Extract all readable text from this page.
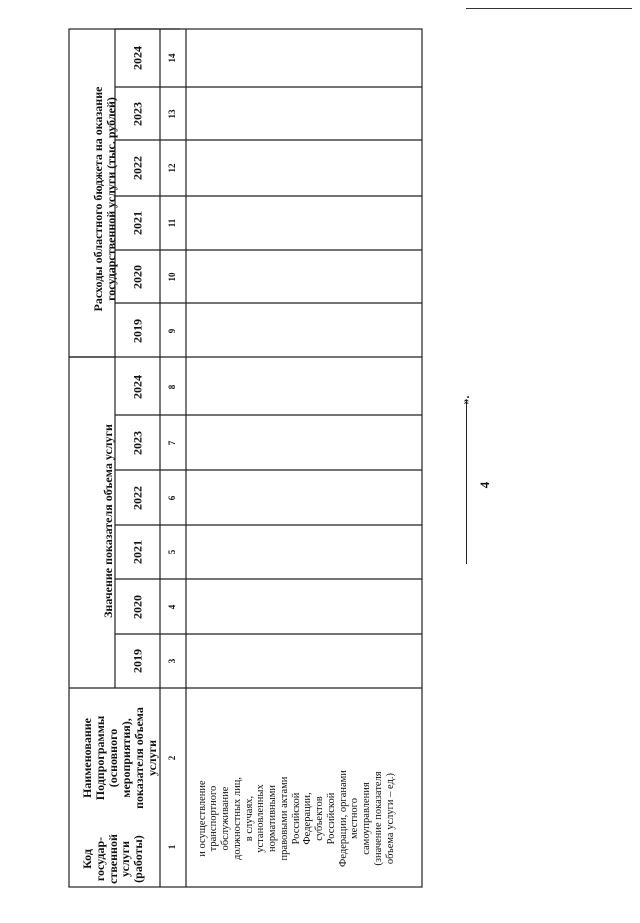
4
».
Код
государ-
ственной
услуги
(работы)
Наименование
Подпрограммы
(основного
мероприятия),
показателя объема
услуги
Значение показателя объема услуги
Расходы областного бюджета на оказание
государственной услуги (тыс. рублей)
2019
2020
2021
2022
2023
2024
2019
2020
2021
2022
2023
2024
1
2
3
4
5
6
7
8
9
10
11
12
13
14
и осуществление
транспортного
обслуживание
должностных лиц,
в случаях,
установленных
нормативными
правовыми актами
Российской
Федерации,
субъектов
Российской
Федерации, органами
местного
самоуправления
(значение показателя
объема услуги – ед.)
